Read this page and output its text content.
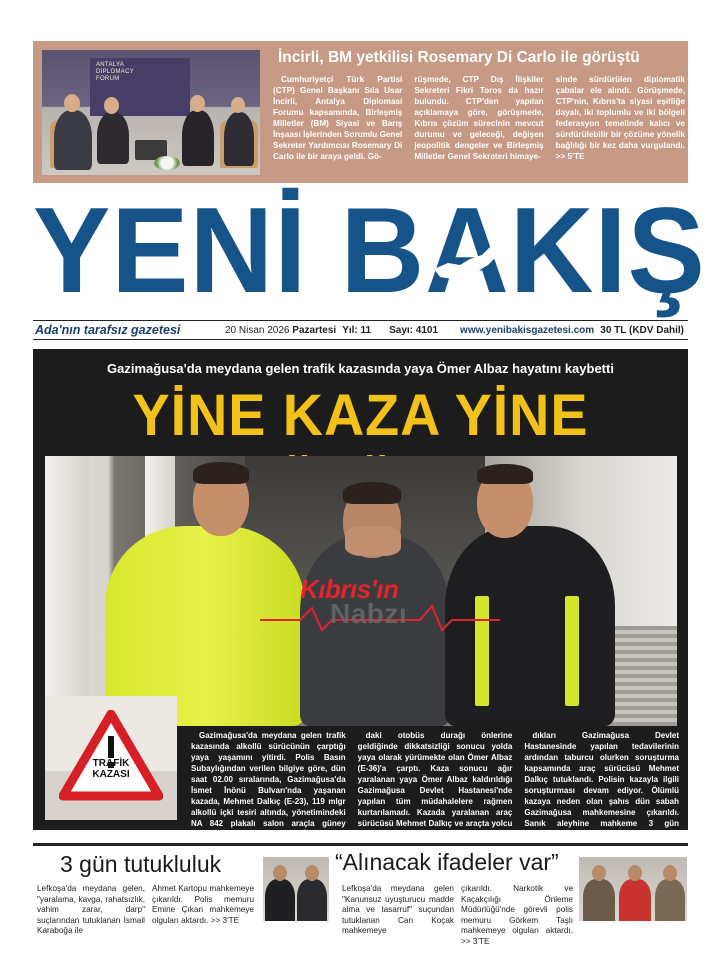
ANTALYA
DIPLOMACY
FORUM
İncirli, BM yetkilisi Rosemary Di Carlo ile görüştü
Cumhuriyetçi Türk Partisi (CTP) Genel Başkanı Sıla Usar İncirli, Antalya Diplomasi Forumu kapsamında, Birleşmiş Milletler (BM) Siyasi ve Barış İnşaası İşlerinden Sorumlu Genel Sekreter Yardımcısı Rosemary Di Carlo ile bir araya geldi. Gö-
rüşmede, CTP Dış İlişkiler Sekreteri Fikri Toros da hazır bulundu. CTP'den yapılan açıklamaya göre, görüşmede, Kıbrıs çözüm sürecinin mevcut durumu ve geleceği, değişen jeopolitik dengeler ve Birleşmiş Milletler Genel Sekreteri himaye-
sinde sürdürülen diplomatik çabalar ele alındı. Görüşmede, CTP'nin, Kıbrıs'ta siyasi eşitliğe dayalı, iki toplumlu ve iki bölgeli federasyon temelinde kalıcı ve sürdürülebilir bir çözüme yönelik bağlılığı bir kez daha vurgulandı. >> 5'TE
YENİ BAKIŞ
Ada'nın tarafsız gazetesi	20 Nisan 2026 Pazartesi Yıl: 11 Sayı: 4101 www.yenibakisgazetesi.com 30 TL (KDV Dahil)
Gazimağusa'da meydana gelen trafik kazasında yaya Ömer Albaz hayatını kaybetti
YİNE KAZA YİNE
Kıbrıs'ın
Nabzı
TRAFİK KAZASI

Gazimağusa'da meydana gelen trafik kazasında alkollü sürücünün çarptığı yaya yaşamını yitirdi. Polis Basın Subaylığından verilen bilgiye göre, dün saat 02.00 sıralarında, Gazimağusa'da İsmet İnönü Bulvarı'nda yaşanan kazada, Mehmet Dalkıç (E-23), 119 mlgr alkollü içki tesiri altında, yönetimindeki NA 842 plakalı salon araçla güney yönünde seyrettiği sırada DAÜ ATM'lerin

daki otobüs durağı önlerine geldiğinde dikkatsizliği sonucu yolda yaya olarak yürümekte olan Ömer Albaz (E-36)'a çarptı. Kaza sonucu ağır yaralanan yaya Ömer Albaz kaldırıldığı Gazimağusa Devlet Hastanesi'nde yapılan tüm müdahalelere rağmen kurtarılamadı. Kazada yaralanan araç sürücüsü Mehmet Dalkıç ve araçta yolcu olarak bulunan Batuhan Karaoğlan (E-

dıkları Gazimağusa Devlet Hastanesinde yapılan tedavilerinin ardından taburcu olurken soruşturma kapsamında araç sürücüsü Mehmet Dalkıç tutuklandı. Polisin kazayla ilgili soruşturması devam ediyor. Ölümlü kazaya neden olan şahıs dün sabah Gazimağusa mahkemesine çıkarıldı. Sanık aleyhine mahkeme 3 gün tutukluluk emri verdi. >> Sayfa 5'te

3 gün tutukluluk
Lefkoşa'da meydana gelen, "yaralama, kavga, rahatsızlık, vahim zarar, darp" suçlarından tutuklanan İsmail Karaboğa ile
Ahmet Kartopu mahkemeye çıkarıldı. Polis memuru Emine Çıkan mahkemeye olguları aktardı. >> 3'TE
“Alınacak ifadeler var”
Lefkoşa'da meydana gelen "Kanunsuz uyuşturucu madde alma ve tasarruf" suçundan tutuklanan Can Koçak mahkemeye
çıkarıldı. Narkotik ve Kaçakçılığı Önleme Müdürlüğü'nde görevli polis memuru Görkem Taşlı mahkemeye olguları aktardı. >> 3'TE
